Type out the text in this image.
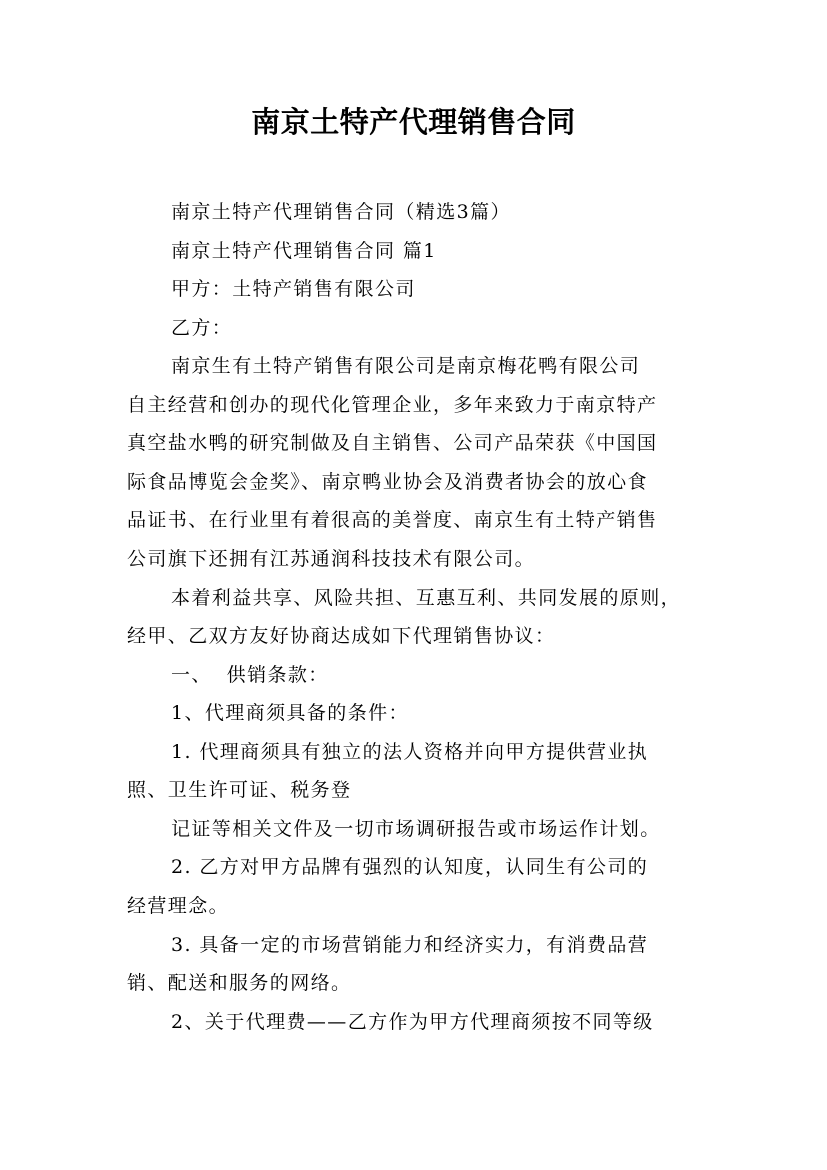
南京土特产代理销售合同

南京土特产代理销售合同（精选3篇）

南京土特产代理销售合同 篇1

甲方：土特产销售有限公司

乙方：

南京生有土特产销售有限公司是南京梅花鸭有限公司

自主经营和创办的现代化管理企业，多年来致力于南京特产

真空盐水鸭的研究制做及自主销售、公司产品荣获《中国国

际食品博览会金奖》、南京鸭业协会及消费者协会的放心食

品证书、在行业里有着很高的美誉度、南京生有土特产销售

公司旗下还拥有江苏通润科技技术有限公司。

本着利益共享、风险共担、互惠互利、共同发展的原则，

经甲、乙双方友好协商达成如下代理销售协议：

一、  供销条款：

1、代理商须具备的条件：

1. 代理商须具有独立的法人资格并向甲方提供营业执

照、卫生许可证、税务登

记证等相关文件及一切市场调研报告或市场运作计划。

2. 乙方对甲方品牌有强烈的认知度，认同生有公司的

经营理念。

3. 具备一定的市场营销能力和经济实力，有消费品营

销、配送和服务的网络。

2、关于代理费——乙方作为甲方代理商须按不同等级
